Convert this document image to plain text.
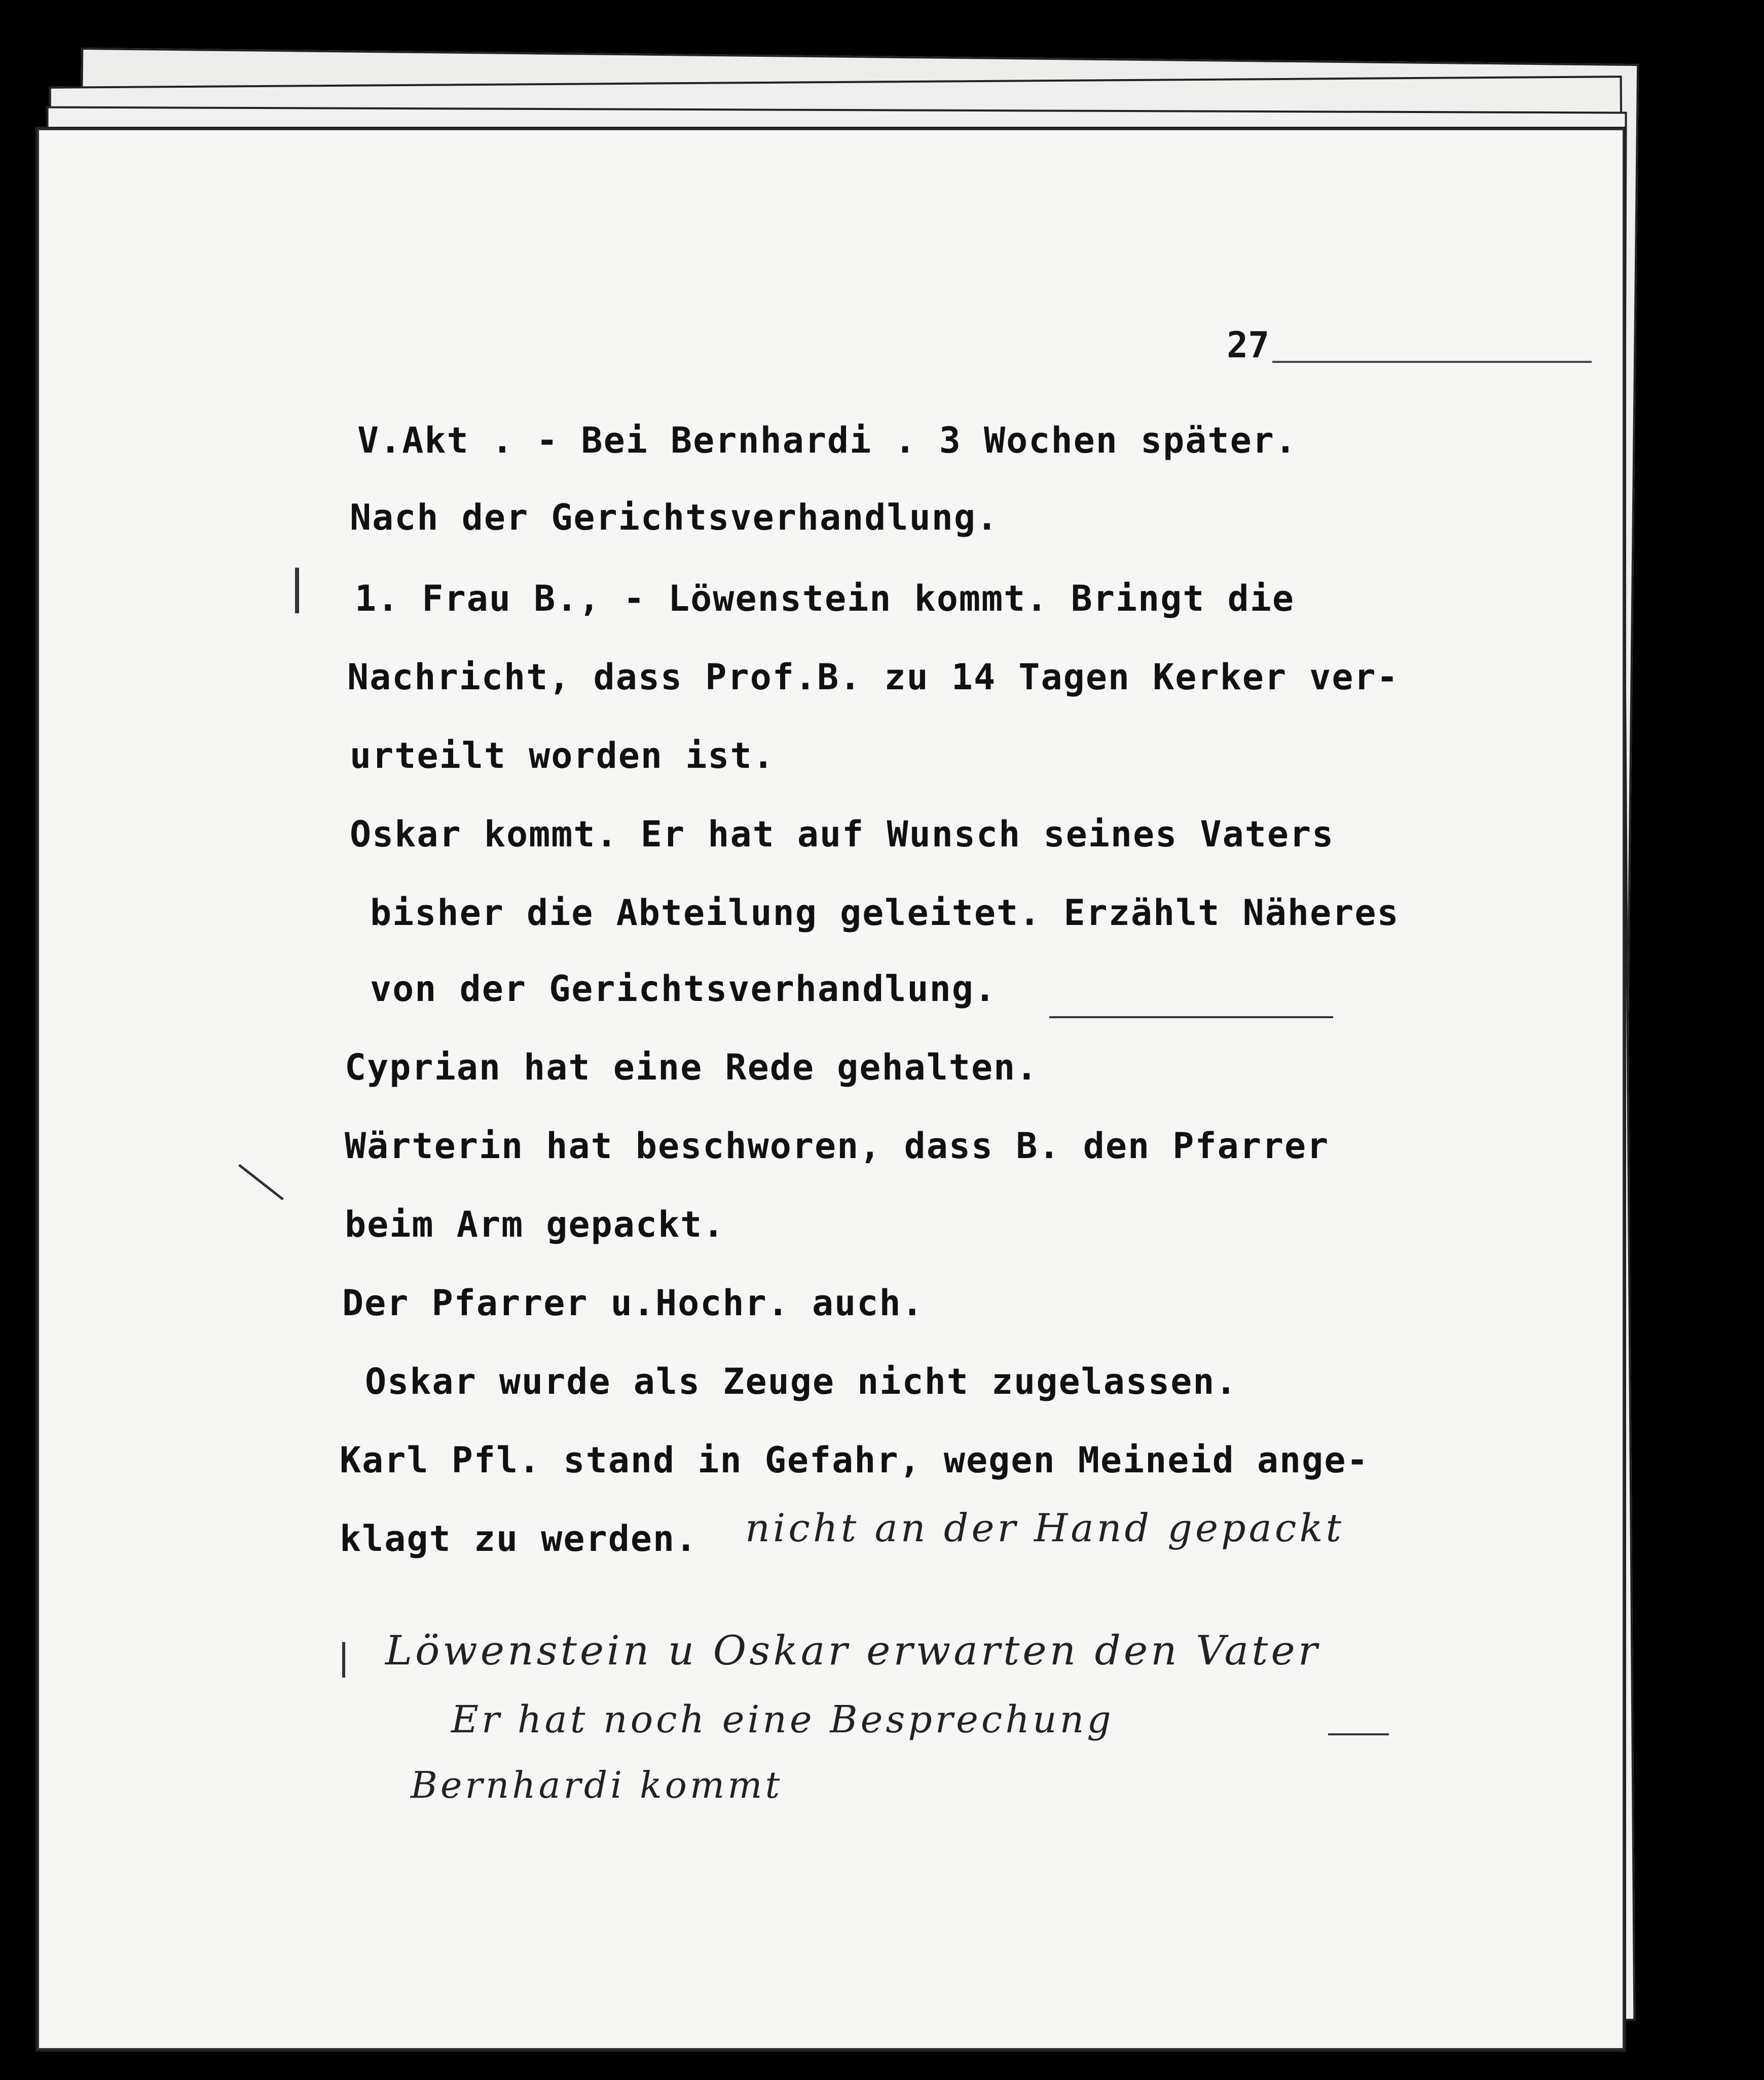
27
V.Akt . - Bei Bernhardi . 3 Wochen später.
Nach der Gerichtsverhandlung.
1. Frau B., - Löwenstein kommt. Bringt die
Nachricht, dass Prof.B. zu 14 Tagen Kerker ver-
urteilt worden ist.
Oskar kommt. Er hat auf Wunsch seines Vaters
bisher die Abteilung geleitet. Erzählt Näheres
von der Gerichtsverhandlung.
Cyprian hat eine Rede gehalten.
Wärterin hat beschworen, dass B. den Pfarrer
beim Arm gepackt.
Der Pfarrer u.Hochr. auch.
Oskar wurde als Zeuge nicht zugelassen.
Karl Pfl. stand in Gefahr, wegen Meineid ange-
klagt zu werden. nicht an der Hand gepackt
Löwenstein u Oskar erwarten den Vater
Er hat noch eine Besprechung
Bernhardi kommt
